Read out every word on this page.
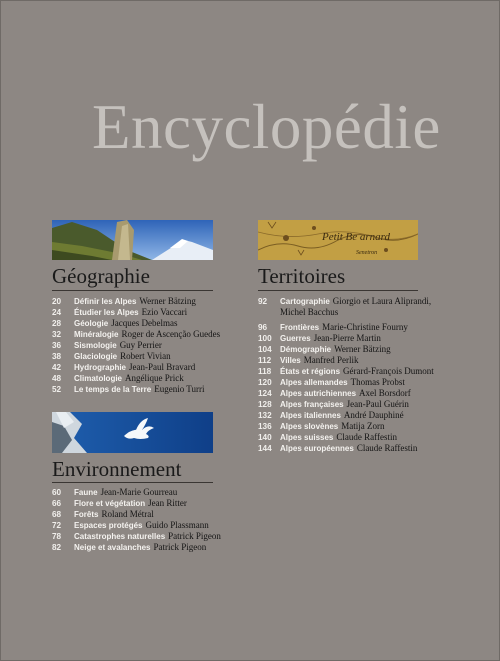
Encyclopédie
Géographie
20	Définir les Alpes Werner Bätzing
24	Étudier les Alpes Ezio Vaccari
28	Géologie Jacques Debelmas
32	Minéralogie Roger de Ascenção Guedes
36	Sismologie Guy Perrier
38	Glaciologie Robert Vivian
42	Hydrographie Jean-Paul Bravard
48	Climatologie Angélique Prick
52	Le temps de la Terre Eugenio Turri
Environnement
60	Faune Jean-Marie Gourreau
66	Flore et végétation Jean Ritter
68	Forêts Roland Métral
72	Espaces protégés Guido Plassmann
78	Catastrophes naturelles Patrick Pigeon
82	Neige et avalanches Patrick Pigeon
Petit Be arnard
Senetron
Territoires
92	Cartographie Giorgio et Laura Aliprandi, Michel Bacchus
96	Frontières Marie-Christine Fourny
100	Guerres Jean-Pierre Martin
104	Démographie Werner Bätzing
112	Villes Manfred Perlik
118	États et régions Gérard-François Dumont
120	Alpes allemandes Thomas Probst
124	Alpes autrichiennes Axel Borsdorf
128	Alpes françaises Jean-Paul Guérin
132	Alpes italiennes André Dauphiné
136	Alpes slovènes Matija Zorn
140	Alpes suisses Claude Raffestin
144	Alpes européennes Claude Raffestin
